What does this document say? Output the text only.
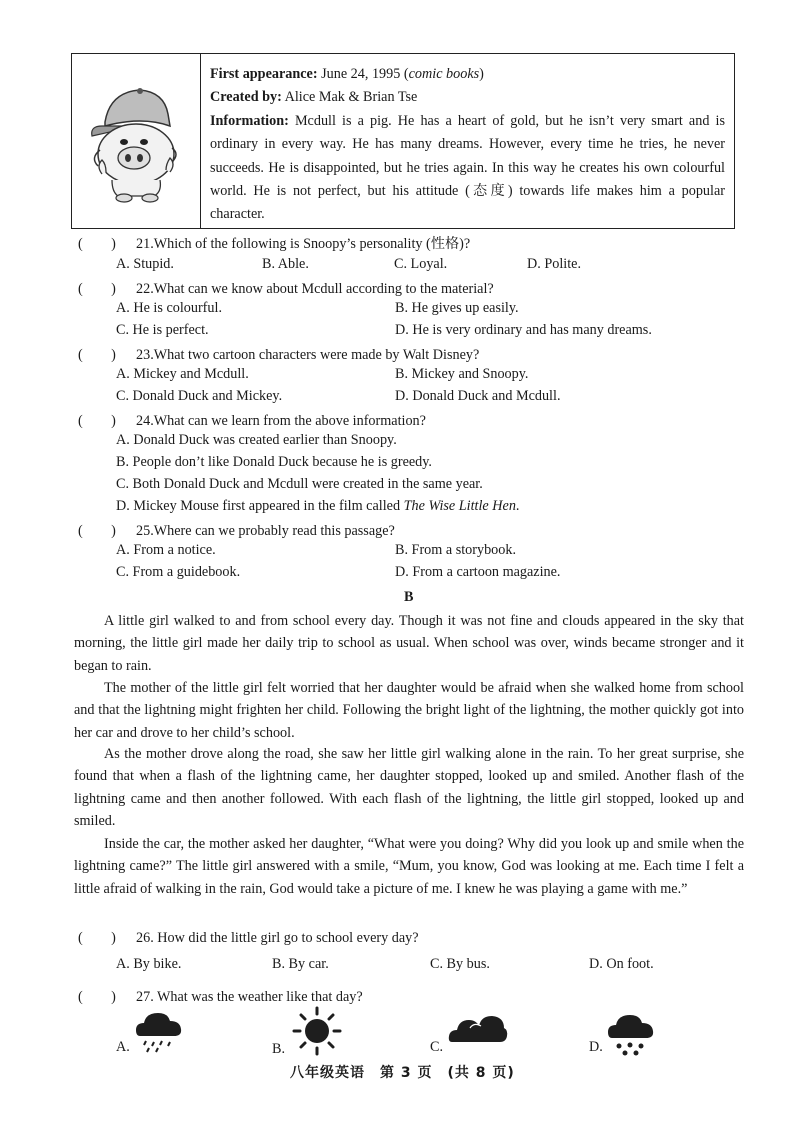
First appearance: June 24, 1995 (comic books)
Created by: Alice Mak & Brian Tse
Information: Mcdull is a pig. He has a heart of gold, but he isn’t very smart and is ordinary in every way. He has many dreams. However, every time he tries, he never succeeds. He is disappointed, but he tries again. In this way he creates his own colourful world. He is not perfect, but his attitude (态度) towards life makes him a popular character.
(　　) 21.Which of the following is Snoopy’s personality (性格)?
A. Stupid.	B. Able.	C. Loyal.	D. Polite.
(　　) 22.What can we know about Mcdull according to the material?
A. He is colourful.	B. He gives up easily.
C. He is perfect.	D. He is very ordinary and has many dreams.
(　　) 23.What two cartoon characters were made by Walt Disney?
A. Mickey and Mcdull.	B. Mickey and Snoopy.
C. Donald Duck and Mickey.	D. Donald Duck and Mcdull.
(　　) 24.What can we learn from the above information?
A. Donald Duck was created earlier than Snoopy.
B. People don’t like Donald Duck because he is greedy.
C. Both Donald Duck and Mcdull were created in the same year.
D. Mickey Mouse first appeared in the film called The Wise Little Hen.
(　　) 25.Where can we probably read this passage?
A. From a notice.	B. From a storybook.
C. From a guidebook.	D. From a cartoon magazine.
B
A little girl walked to and from school every day. Though it was not fine and clouds appeared in the sky that morning, the little girl made her daily trip to school as usual. When school was over, winds became stronger and it began to rain.
The mother of the little girl felt worried that her daughter would be afraid when she walked home from school and that the lightning might frighten her child. Following the bright light of the lightning, the mother quickly got into her car and drove to her child’s school.
As the mother drove along the road, she saw her little girl walking alone in the rain. To her great surprise, she found that when a flash of the lightning came, her daughter stopped, looked up and smiled. Another flash of the lightning came and then another followed. With each flash of the lightning, the little girl stopped, looked up and smiled.
Inside the car, the mother asked her daughter, “What were you doing? Why did you look up and smile when the lightning came?” The little girl answered with a smile, “Mum, you know, God was looking at me. Each time I felt a little afraid of walking in the rain, God would take a picture of me. I knew he was playing a game with me.”
(　　) 26. How did the little girl go to school every day?
A. By bike.	B. By car.	C. By bus.	D. On foot.
(　　) 27. What was the weather like that day?
A.	B.	C.	D.
八年级英语　第 3 页　(共 8 页)
